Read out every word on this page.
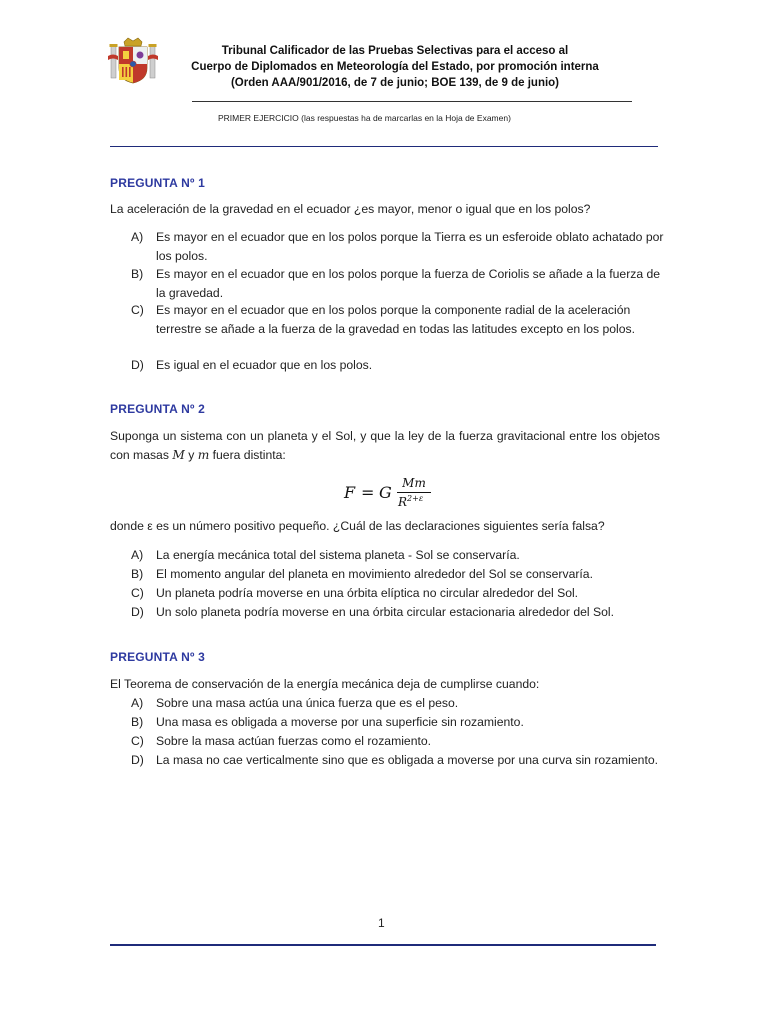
Tribunal Calificador de las Pruebas Selectivas para el acceso al
Cuerpo de Diplomados en Meteorología del Estado, por promoción interna
(Orden AAA/901/2016, de 7 de junio; BOE 139, de 9 de junio)
PRIMER EJERCICIO (las respuestas ha de marcarlas en la Hoja de Examen)
PREGUNTA Nº 1
La aceleración de la gravedad en el ecuador ¿es mayor, menor o igual que en los polos?
A) Es mayor en el ecuador que en los polos porque la Tierra es un esferoide oblato achatado por los polos.
B) Es mayor en el ecuador que en los polos porque la fuerza de Coriolis se añade a la fuerza de la gravedad.
C) Es mayor en el ecuador que en los polos porque la componente radial de la aceleración terrestre se añade a la fuerza de la gravedad en todas las latitudes excepto en los polos.
D) Es igual en el ecuador que en los polos.
PREGUNTA Nº 2
Suponga un sistema con un planeta y el Sol, y que la ley de la fuerza gravitacional entre los objetos con masas M y m fuera distinta:
F = G Mm
$R^{2+\varepsilon}$
donde ε es un número positivo pequeño. ¿Cuál de las declaraciones siguientes sería falsa?
A) La energía mecánica total del sistema planeta - Sol se conservaría.
B) El momento angular del planeta en movimiento alrededor del Sol se conservaría.
C) Un planeta podría moverse en una órbita elíptica no circular alrededor del Sol.
D) Un solo planeta podría moverse en una órbita circular estacionaria alrededor del Sol.
PREGUNTA Nº 3
El Teorema de conservación de la energía mecánica deja de cumplirse cuando:
A) Sobre una masa actúa una única fuerza que es el peso.
B) Una masa es obligada a moverse por una superficie sin rozamiento.
C) Sobre la masa actúan fuerzas como el rozamiento.
D) La masa no cae verticalmente sino que es obligada a moverse por una curva sin rozamiento.
1
